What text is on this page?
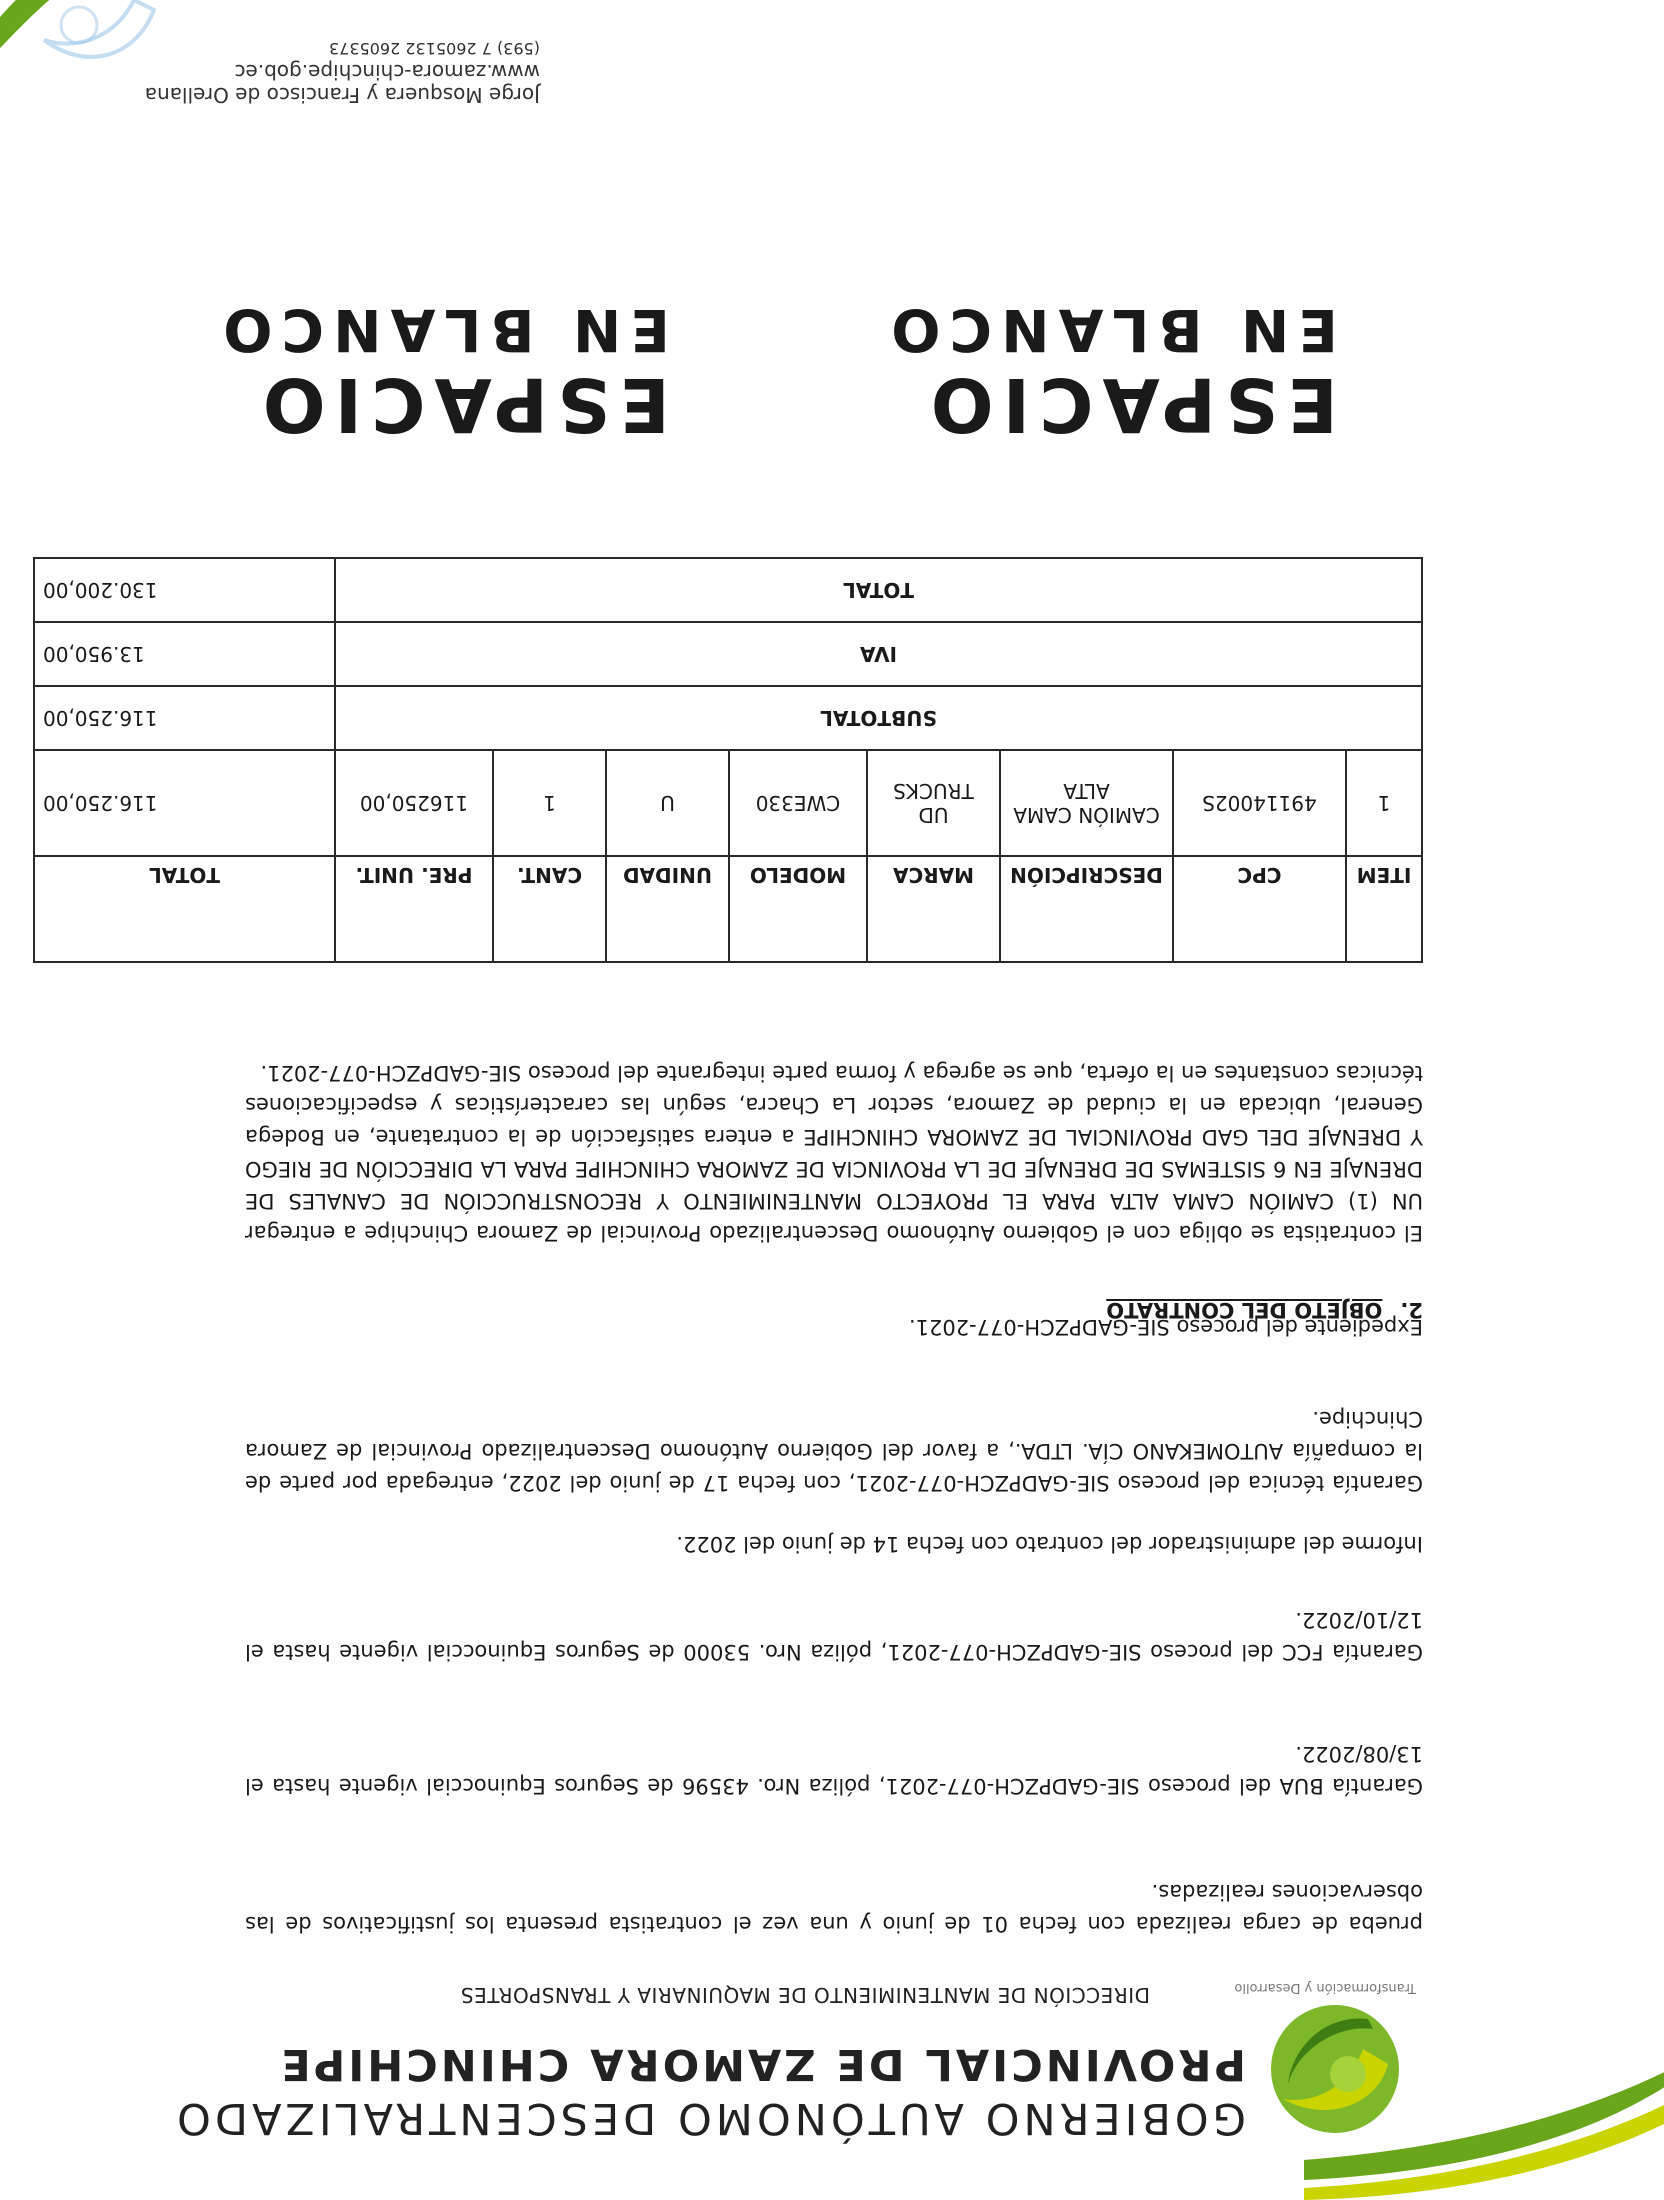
Transformación y Desarrollo
GOBIERNO AUTÓNOMO DESCENTRALIZADO
PROVINCIAL DE ZAMORA CHINCHIPE
DIRECCIÓN DE MANTENIMIENTO DE MAQUINARIA Y TRANSPORTES
prueba de carga realizada con fecha 01 de junio y una vez el contratista presenta los justificativos de las observaciones realizadas.
Garantía BUA del proceso SIE-GADPZCH-077-2021, póliza Nro. 43596 de Seguros Equinoccial vigente hasta el 13/08/2022.
Garantía FCC del proceso SIE-GADPZCH-077-2021, póliza Nro. 53000 de Seguros Equinoccial vigente hasta el 12/10/2022.
Informe del administrador del contrato con fecha 14 de junio del 2022.
Garantía técnica del proceso SIE-GADPZCH-077-2021, con fecha 17 de junio del 2022, entregada por parte de la compañía AUTOMEKANO CÍA. LTDA., a favor del Gobierno Autónomo Descentralizado Provincial de Zamora Chinchipe.
Expediente del proceso SIE-GADPZCH-077-2021.
2.OBJETO DEL CONTRATO
El contratista se obliga con el Gobierno Autónomo Descentralizado Provincial de Zamora Chinchipe a entregar UN (1) CAMIÓN CAMA ALTA PARA EL PROYECTO MANTENIMIENTO Y RECONSTRUCCIÓN DE CANALES DE DRENAJE EN 6 SISTEMAS DE DRENAJE DE LA PROVINCIA DE ZAMORA CHINCHIPE PARA LA DIRECCIÓN DE RIEGO Y DRENAJE DEL GAD PROVINCIAL DE ZAMORA CHINCHIPE a entera satisfacción de la contratante, en Bodega General, ubicada en la ciudad de Zamora, sector La Chacra, según las características y especificaciones técnicas constantes en la oferta, que se agrega y forma parte integrante del proceso SIE-GADPZCH-077-2021.
ITEM	CPC	DESCRIPCIÓN	MARCA	MODELO	UNIDAD	CANT.	PRE. UNIT.	TOTAL
1	49114002S	CAMIÓN CAMA ALTA	UD TRUCKS	CWE330	U	1	116250,00	116.250,00
SUBTOTAL								116.250,00
IVA								13.950,00
TOTAL								130.200,00
ESPACIO
EN BLANCO
ESPACIO
EN BLANCO
Jorge Mosquera y Francisco de Orellana
www.zamora-chinchipe.gob.ec
(593) 7 2605132 2605373
